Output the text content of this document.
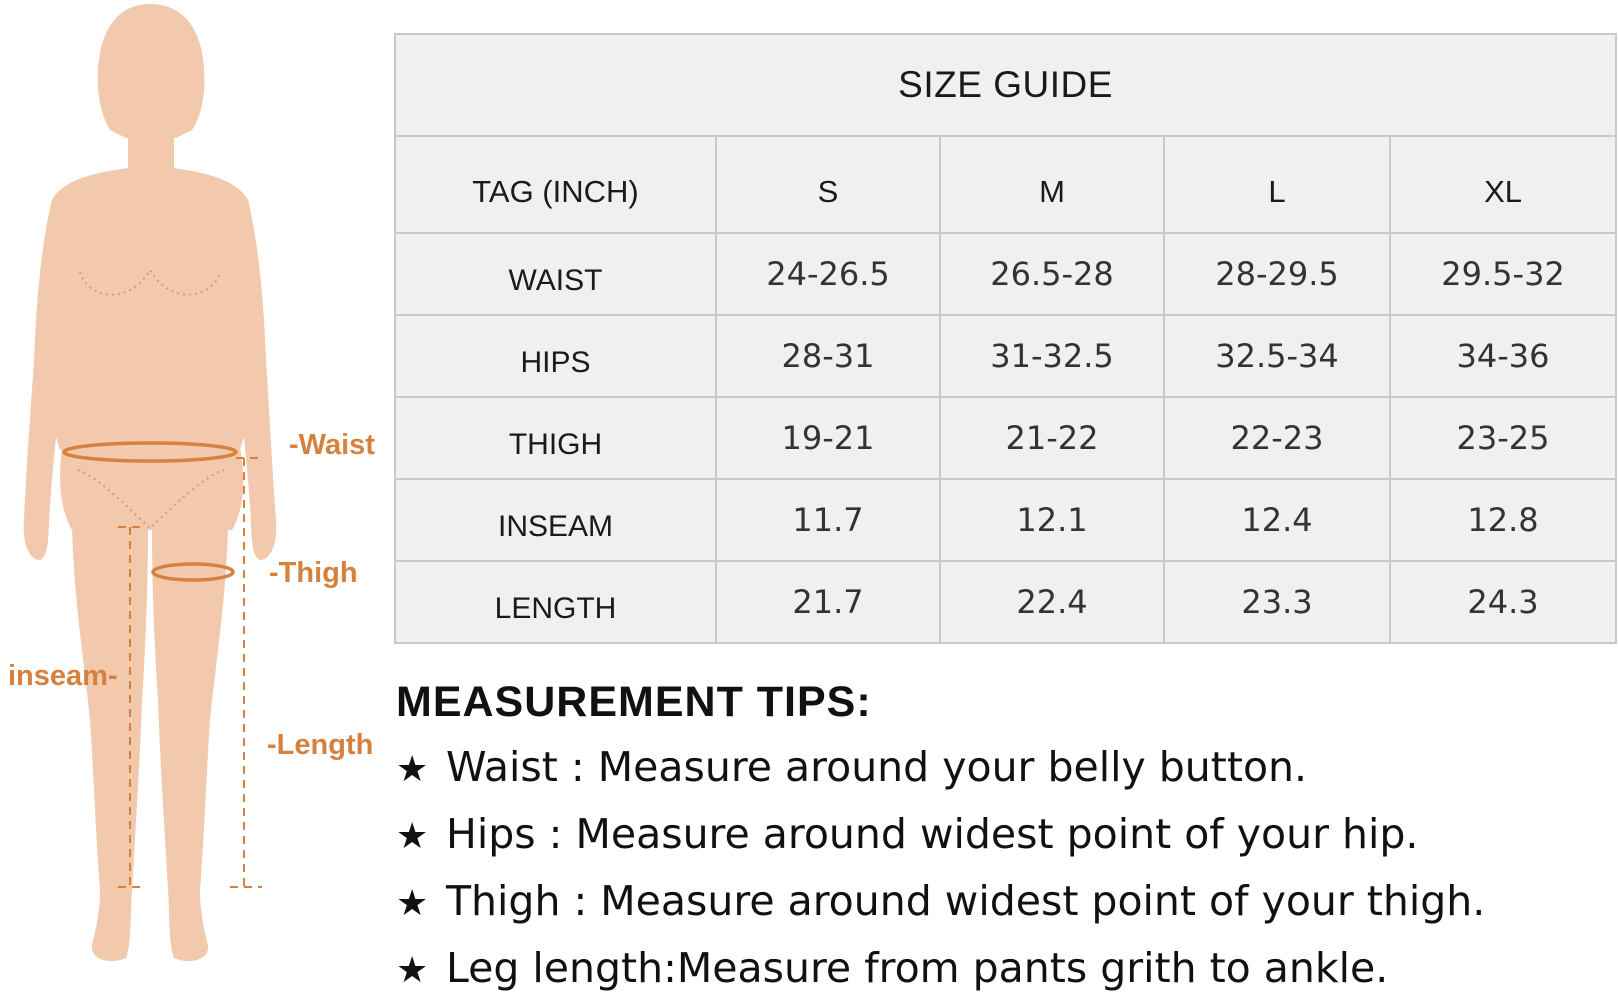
-Waist
-Thigh
inseam-
-Length
SIZE GUIDE				
TAG (INCH)	S	M	L	XL
WAIST	24-26.5	26.5-28	28-29.5	29.5-32
HIPS	28-31	31-32.5	32.5-34	34-36
THIGH	19-21	21-22	22-23	23-25
INSEAM	11.7	12.1	12.4	12.8
LENGTH	21.7	22.4	23.3	24.3
MEASUREMENT TIPS:

★ Waist : Measure around your belly button.

★ Hips : Measure around widest point of your hip.

★ Thigh : Measure around widest point of your thigh.

★ Leg length:Measure from pants grith to ankle.
